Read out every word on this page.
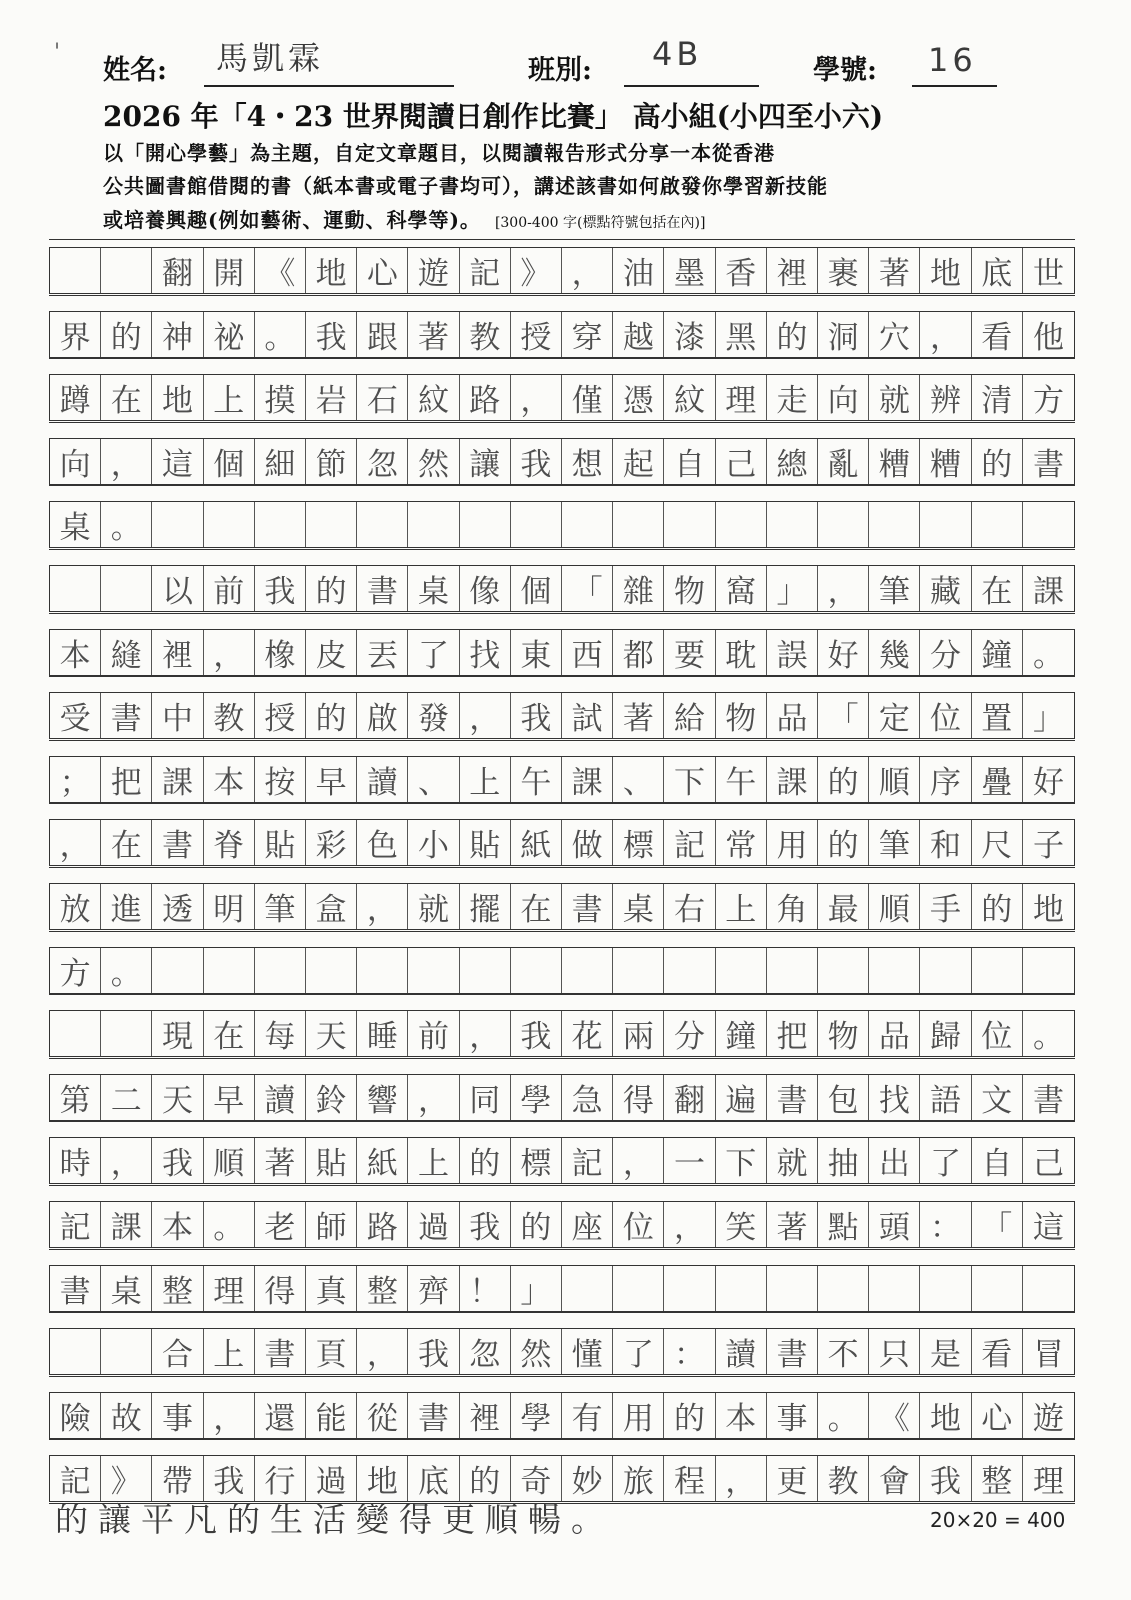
'
姓名: 馬凱霖	班別: 4B	學號: 16
2026 年「4・23 世界閱讀日創作比賽」 高小組(小四至小六)
以「開心學藝」為主題，自定文章題目，以閱讀報告形式分享一本從香港
公共圖書館借閱的書（紙本書或電子書均可），講述該書如何啟發你學習新技能
或培養興趣(例如藝術、運動、科學等)。 [300-400 字(標點符號包括在內)]
翻 開 《 地 心 遊 記 》 ， 油 墨 香 裡 裹 著 地 底 世
界 的 神 祕 。 我 跟 著 教 授 穿 越 漆 黑 的 洞 穴 ， 看 他
蹲 在 地 上 摸 岩 石 紋 路 ， 僅 憑 紋 理 走 向 就 辨 清 方
向 ， 這 個 細 節 忽 然 讓 我 想 起 自 己 總 亂 糟 糟 的 書
桌 。
以 前 我 的 書 桌 像 個 「 雜 物 窩 」 ， 筆 藏 在 課
本 縫 裡 ， 橡 皮 丟 了 找 東 西 都 要 耽 誤 好 幾 分 鐘 。
受 書 中 教 授 的 啟 發 ， 我 試 著 給 物 品 「 定 位 置 」
； 把 課 本 按 早 讀 、 上 午 課 、 下 午 課 的 順 序 疊 好
， 在 書 脊 貼 彩 色 小 貼 紙 做 標 記 常 用 的 筆 和 尺 子
放 進 透 明 筆 盒 ， 就 擺 在 書 桌 右 上 角 最 順 手 的 地
方 。
現 在 每 天 睡 前 ， 我 花 兩 分 鐘 把 物 品 歸 位 。
第 二 天 早 讀 鈴 響 ， 同 學 急 得 翻 遍 書 包 找 語 文 書
時 ， 我 順 著 貼 紙 上 的 標 記 ， 一 下 就 抽 出 了 自 己
記 課 本 。 老 師 路 過 我 的 座 位 ， 笑 著 點 頭 ： 「 這
書 桌 整 理 得 真 整 齊 ！ 」
合 上 書 頁 ， 我 忽 然 懂 了 ： 讀 書 不 只 是 看 冒
險 故 事 ， 還 能 從 書 裡 學 有 用 的 本 事 。 《 地 心 遊
記 》 帶 我 行 過 地 底 的 奇 妙 旅 程 ， 更 教 會 我 整 理
的讓平凡的生活變得更順暢。	20×20 = 400
